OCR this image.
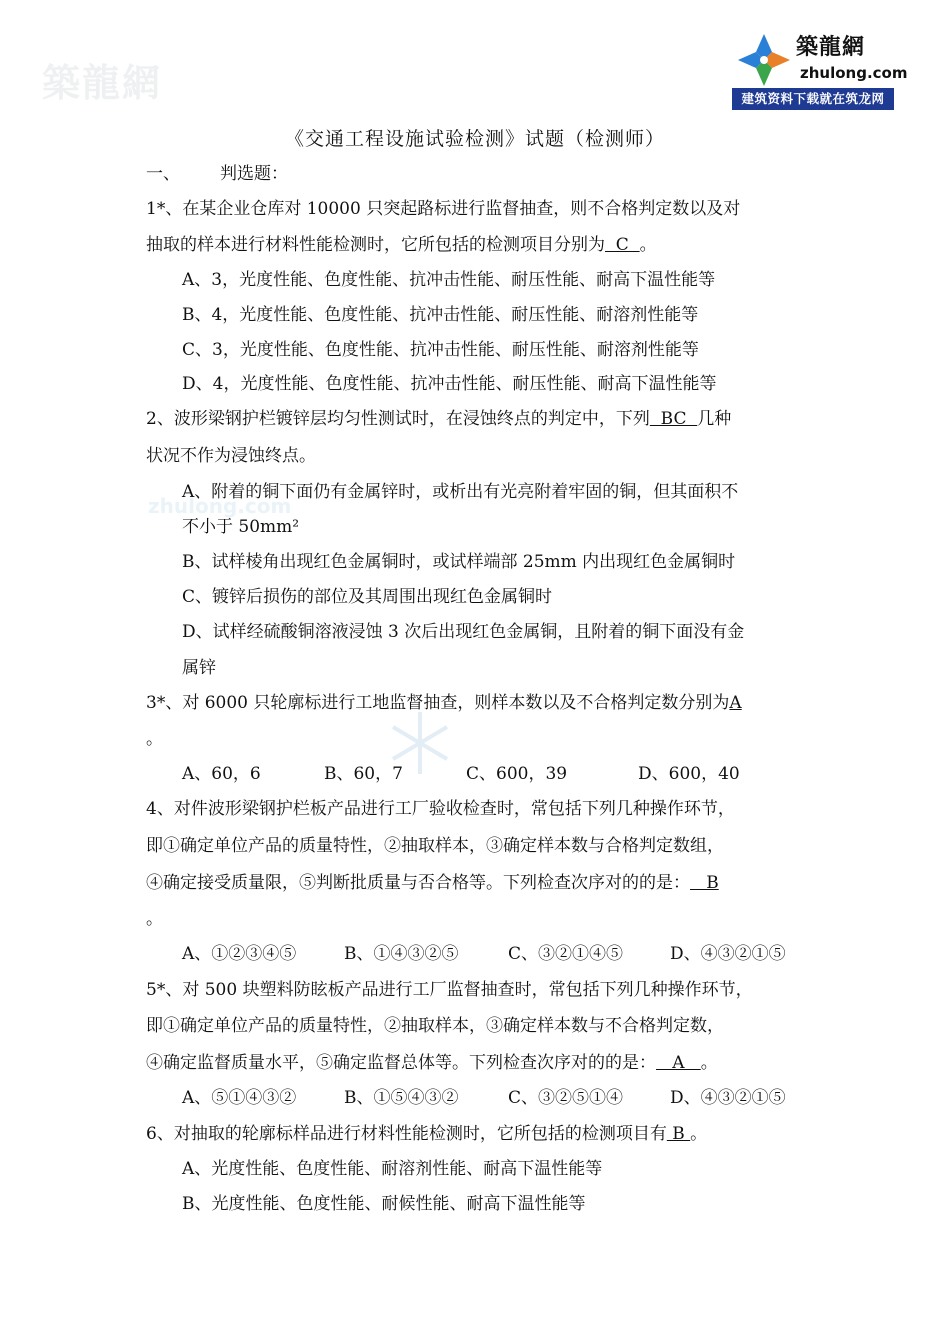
築龍網
zhulong.com
築龍網
zhulong.com
建筑资料下载就在筑龙网
《交通工程设施试验检测》试题（检测师）
一、 判选题：
1*、在某企业仓库对 10000 只突起路标进行监督抽查，则不合格判定数以及对
抽取的样本进行材料性能检测时，它所包括的检测项目分别为  C  。
A、3，光度性能、色度性能、抗冲击性能、耐压性能、耐高下温性能等
B、4，光度性能、色度性能、抗冲击性能、耐压性能、耐溶剂性能等
C、3，光度性能、色度性能、抗冲击性能、耐压性能、耐溶剂性能等
D、4，光度性能、色度性能、抗冲击性能、耐压性能、耐高下温性能等
2、波形梁钢护栏镀锌层均匀性测试时，在浸蚀终点的判定中，下列  BC  几种
状况不作为浸蚀终点。
A、附着的铜下面仍有金属锌时，或析出有光亮附着牢固的铜，但其面积不
不小于 50mm²
B、试样棱角出现红色金属铜时，或试样端部 25mm 内出现红色金属铜时
C、镀锌后损伤的部位及其周围出现红色金属铜时
D、试样经硫酸铜溶液浸蚀 3 次后出现红色金属铜，且附着的铜下面没有金
属锌
3*、对 6000 只轮廓标进行工地监督抽查，则样本数以及不合格判定数分别为A
。
A、60，6	B、60，7	C、600，39	D、600，40
4、对件波形梁钢护栏板产品进行工厂验收检查时，常包括下列几种操作环节，
即①确定单位产品的质量特性，②抽取样本，③确定样本数与合格判定数组，
④确定接受质量限，⑤判断批质量与否合格等。下列检查次序对的的是：   B
。
A、①②③④⑤	B、①④③②⑤	C、③②①④⑤	D、④③②①⑤
5*、对 500 块塑料防眩板产品进行工厂监督抽查时，常包括下列几种操作环节，
即①确定单位产品的质量特性，②抽取样本，③确定样本数与不合格判定数，
④确定监督质量水平，⑤确定监督总体等。下列检查次序对的的是：   A   。
A、⑤①④③②	B、①⑤④③②	C、③②⑤①④	D、④③②①⑤
6、对抽取的轮廓标样品进行材料性能检测时，它所包括的检测项目有 B 。
A、光度性能、色度性能、耐溶剂性能、耐高下温性能等
B、光度性能、色度性能、耐候性能、耐高下温性能等
